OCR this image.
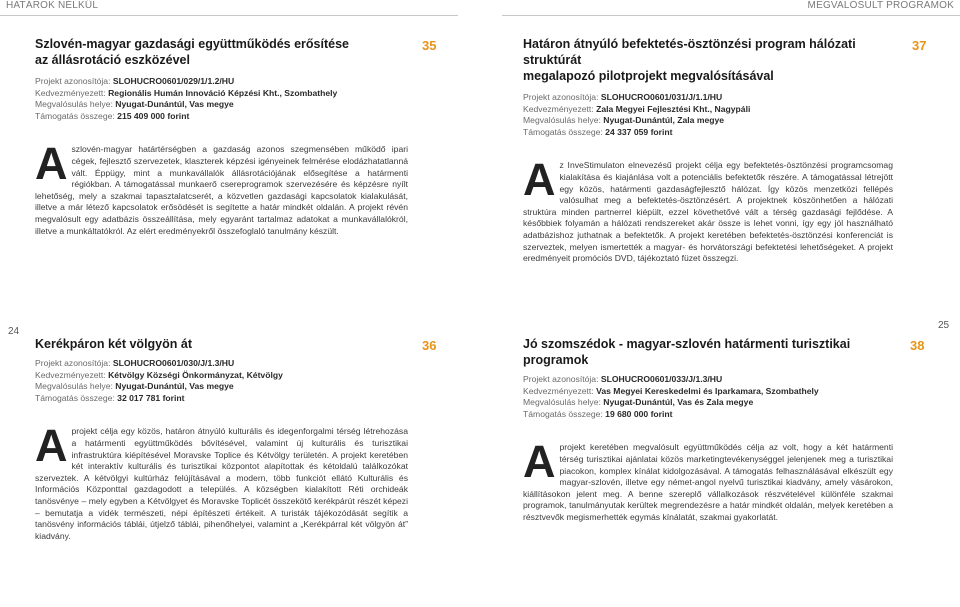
HATÁROK NÉLKÜL	MEGVALÓSULT PROGRAMOK
24
25
35	37
36	38
Szlovén-magyar gazdasági együttműködés erősítése
az állásrotáció eszközével
Projekt azonosítója: SLOHUCRO0601/029/1/1.2/HU
Kedvezményezett: Regionális Humán Innováció Képzési Kht., Szombathely
Megvalósulás helye: Nyugat-Dunántúl, Vas megye
Támogatás összege: 215 409 000 forint
Aszlovén-magyar határtérségben a gazdaság azonos szegmensében működő ipari cégek, fejlesztő szervezetek, klaszterek képzési igényeinek felmérése elodázhatatlanná vált. Éppügy, mint a munkavállalók állásrotációjának elősegítése a határmenti régiókban. A támogatással munkaerő csereprogramok szervezésére és képzésre nyílt lehetőség, mely a szakmai tapasztalatcserét, a közvetlen gazdasági kapcsolatok kialakulását, illetve a már létező kapcsolatok erősödését is segítette a határ mindkét oldalán. A projekt révén megvalósult egy adatbázis összeállítása, mely egyaránt tartalmaz adatokat a munkavállalókról, illetve a munkáltatókról. Az elért eredményekről összefoglaló tanulmány készült.
Határon átnyúló befektetés-ösztönzési program hálózati struktúrát
megalapozó pilotprojekt megvalósításával
Projekt azonosítója: SLOHUCRO0601/031/J/1.1/HU
Kedvezményezett: Zala Megyei Fejlesztési Kht., Nagypáli
Megvalósulás helye: Nyugat-Dunántúl, Zala megye
Támogatás összege: 24 337 059 forint
Az InveStimulaton elnevezésű projekt célja egy befektetés-ösztönzési programcsomag kialakítása és kiajánlása volt a potenciális befektetők részére. A támogatással létrejött egy közös, határmenti gazdaságfejlesztő hálózat. Így közös menzetközi fellépés valósulhat meg a befektetés-ösztönzésért. A projektnek köszönhetően a hálózati struktúra minden partnerrel kiépült, ezzel követhetővé vált a térség gazdasági fejlődése. A későbbiek folyamán a hálózati rendszereket akár össze is lehet vonni, így egy jól használható adatbázishoz juthatnak a befektetők. A projekt keretében befektetés-ösztönzési konferenciát is szerveztek, melyen ismertették a magyar- és horvátországi befektetési lehetőségeket. A projekt eredményeit promóciós DVD, tájékoztató füzet összegzi.
Kerékpáron két völgyön át
Projekt azonosítója: SLOHUCRO0601/030/J/1.3/HU
Kedvezményezett: Kétvölgy Községi Önkormányzat, Kétvölgy
Megvalósulás helye: Nyugat-Dunántúl, Vas megye
Támogatás összege: 32 017 781 forint
Aprojekt célja egy közös, határon átnyúló kulturális és idegenforgalmi térség létrehozása a határmenti együttműködés bővítésével, valamint új kulturális és turisztikai infrastruktúra kiépítésével Moravske Toplice és Kétvölgy területén. A projekt keretében két interaktív kulturális és turisztikai központot alapítottak és kétoldalú találkozókat szerveztek. A kétvölgyi kultúrház felújításával a modern, több funkciót ellátó Kulturális és Információs Központtal gazdagodott a település. A községben kialakított Réti orchideák tanösvénye – mely egyben a Kétvölgyet és Moravske Toplicét összekötő kerékpárút részét képezi – bemutatja a vidék természeti, népi építészeti értékeit. A turisták tájékozódását segítik a tanösvény információs táblái, útjelző táblái, pihenőhelyei, valamint a „Kerékpárral két völgyön át” kiadvány.
Jó szomszédok - magyar-szlovén határmenti turisztikai programok
Projekt azonosítója: SLOHUCRO0601/033/J/1.3/HU
Kedvezményezett: Vas Megyei Kereskedelmi és Iparkamara, Szombathely
Megvalósulás helye: Nyugat-Dunántúl, Vas és Zala megye
Támogatás összege: 19 680 000 forint
Aprojekt keretében megvalósult együttműködés célja az volt, hogy a két határmenti térség turisztikai ajánlatai közös marketingtevékenységgel jelenjenek meg a turisztikai piacokon, komplex kínálat kidolgozásával. A támogatás felhasználásával elkészült egy magyar-szlovén, illetve egy német-angol nyelvű turisztikai kiadvány, amely vásárokon, kiállításokon jelent meg. A benne szereplő vállalkozások részvételével különféle szakmai programok, tanulmányutak kerültek megrendezésre a határ mindkét oldalán, melyek keretében a résztvevők megismerhették egymás kínálatát, szakmai gyakorlatát.
